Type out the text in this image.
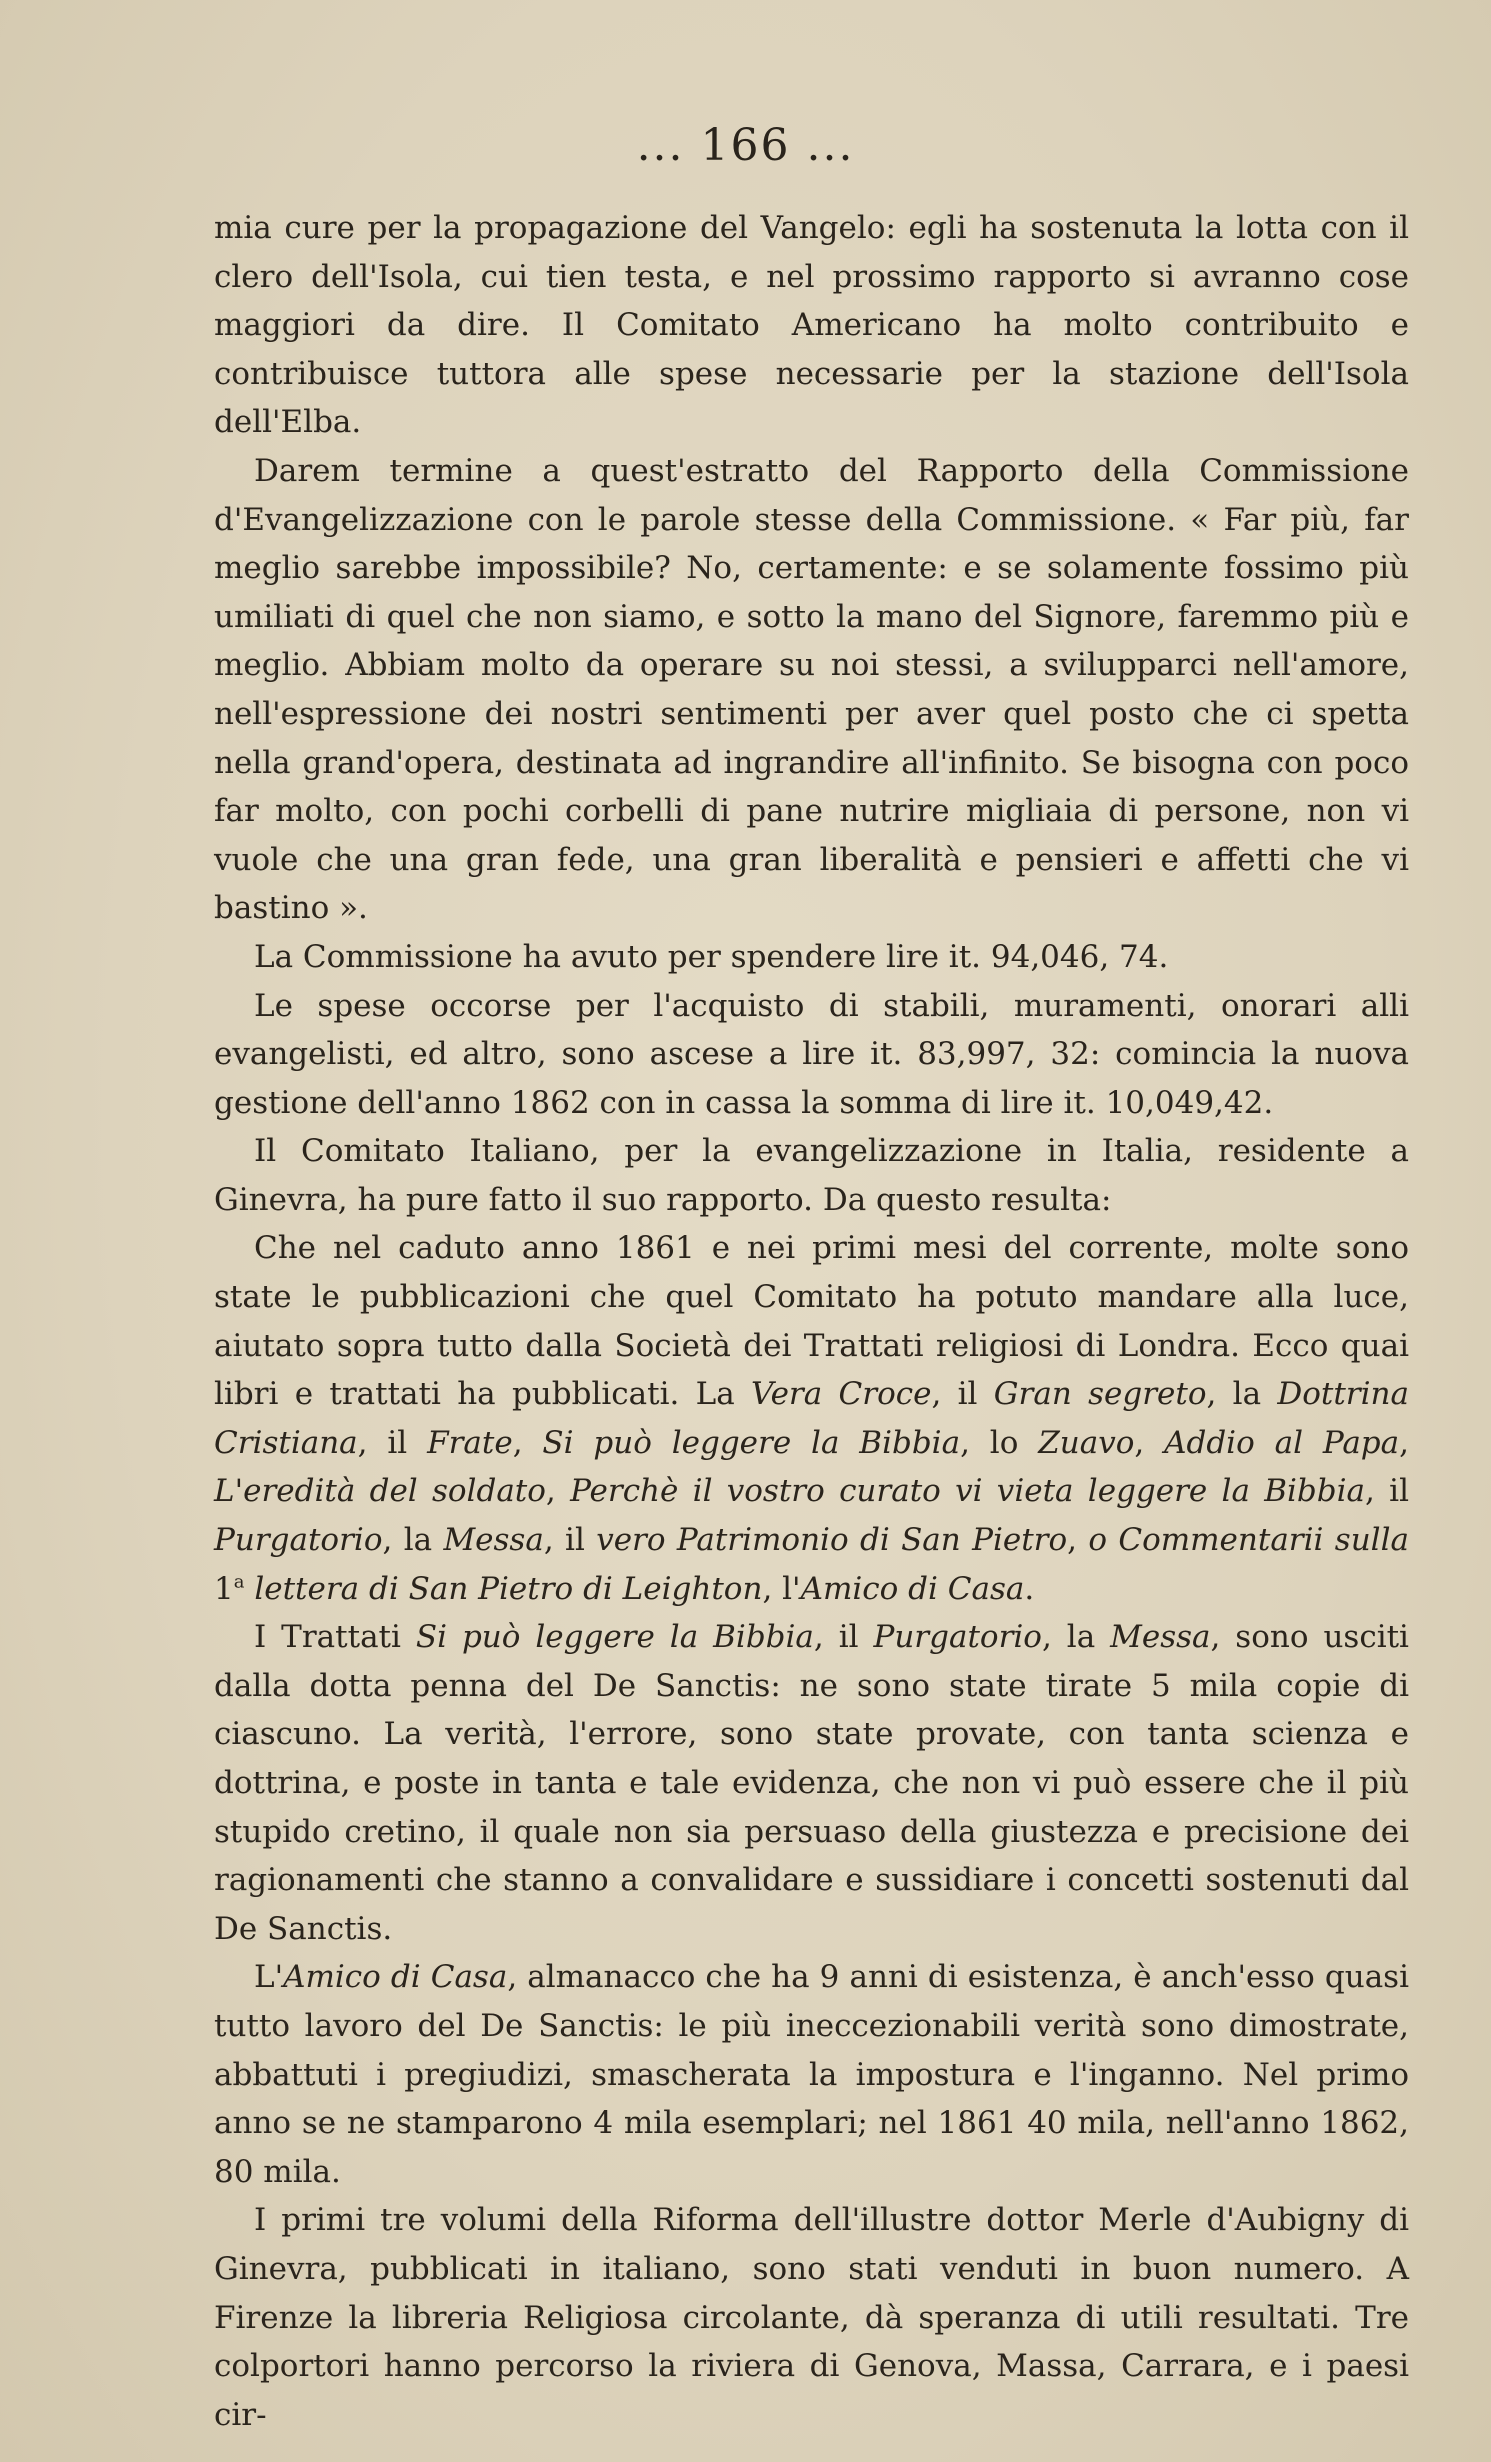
... 166 ...

mia cure per la propagazione del Vangelo: egli ha sostenuta la lotta con il clero dell'Isola, cui tien testa, e nel prossimo rapporto si avranno cose maggiori da dire. Il Comitato Americano ha molto contribuito e contribuisce tuttora alle spese necessarie per la stazione dell'Isola dell'Elba.

Darem termine a quest'estratto del Rapporto della Commissione d'Evangelizzazione con le parole stesse della Commissione. « Far più, far meglio sarebbe impossibile? No, certamente: e se solamente fossimo più umiliati di quel che non siamo, e sotto la mano del Signore, faremmo più e meglio. Abbiam molto da operare su noi stessi, a svilupparci nell'amore, nell'espressione dei nostri sentimenti per aver quel posto che ci spetta nella grand'opera, destinata ad ingrandire all'infinito. Se bisogna con poco far molto, con pochi corbelli di pane nutrire migliaia di persone, non vi vuole che una gran fede, una gran liberalità e pensieri e affetti che vi bastino ».

La Commissione ha avuto per spendere lire it. 94,046, 74.

Le spese occorse per l'acquisto di stabili, muramenti, onorari alli evangelisti, ed altro, sono ascese a lire it. 83,997, 32: comincia la nuova gestione dell'anno 1862 con in cassa la somma di lire it. 10,049,42.

Il Comitato Italiano, per la evangelizzazione in Italia, residente a Ginevra, ha pure fatto il suo rapporto. Da questo resulta:

Che nel caduto anno 1861 e nei primi mesi del corrente, molte sono state le pubblicazioni che quel Comitato ha potuto mandare alla luce, aiutato sopra tutto dalla Società dei Trattati religiosi di Londra. Ecco quai libri e trattati ha pubblicati. La Vera Croce, il Gran segreto, la Dottrina Cristiana, il Frate, Si può leggere la Bibbia, lo Zuavo, Addio al Papa, L'eredità del soldato, Perchè il vostro curato vi vieta leggere la Bibbia, il Purgatorio, la Messa, il vero Patrimonio di San Pietro, o Commentarii sulla 1$^a$ lettera di San Pietro di Leighton, l'Amico di Casa.

I Trattati Si può leggere la Bibbia, il Purgatorio, la Messa, sono usciti dalla dotta penna del De Sanctis: ne sono state tirate 5 mila copie di ciascuno. La verità, l'errore, sono state provate, con tanta scienza e dottrina, e poste in tanta e tale evidenza, che non vi può essere che il più stupido cretino, il quale non sia persuaso della giustezza e precisione dei ragionamenti che stanno a convalidare e sussidiare i concetti sostenuti dal De Sanctis.

L'Amico di Casa, almanacco che ha 9 anni di esistenza, è anch'esso quasi tutto lavoro del De Sanctis: le più ineccezionabili verità sono dimostrate, abbattuti i pregiudizi, smascherata la impostura e l'inganno. Nel primo anno se ne stamparono 4 mila esemplari; nel 1861 40 mila, nell'anno 1862, 80 mila.

I primi tre volumi della Riforma dell'illustre dottor Merle d'Aubigny di Ginevra, pubblicati in italiano, sono stati venduti in buon numero. A Firenze la libreria Religiosa circolante, dà speranza di utili resultati. Tre colportori hanno percorso la riviera di Genova, Massa, Carrara, e i paesi cir-
